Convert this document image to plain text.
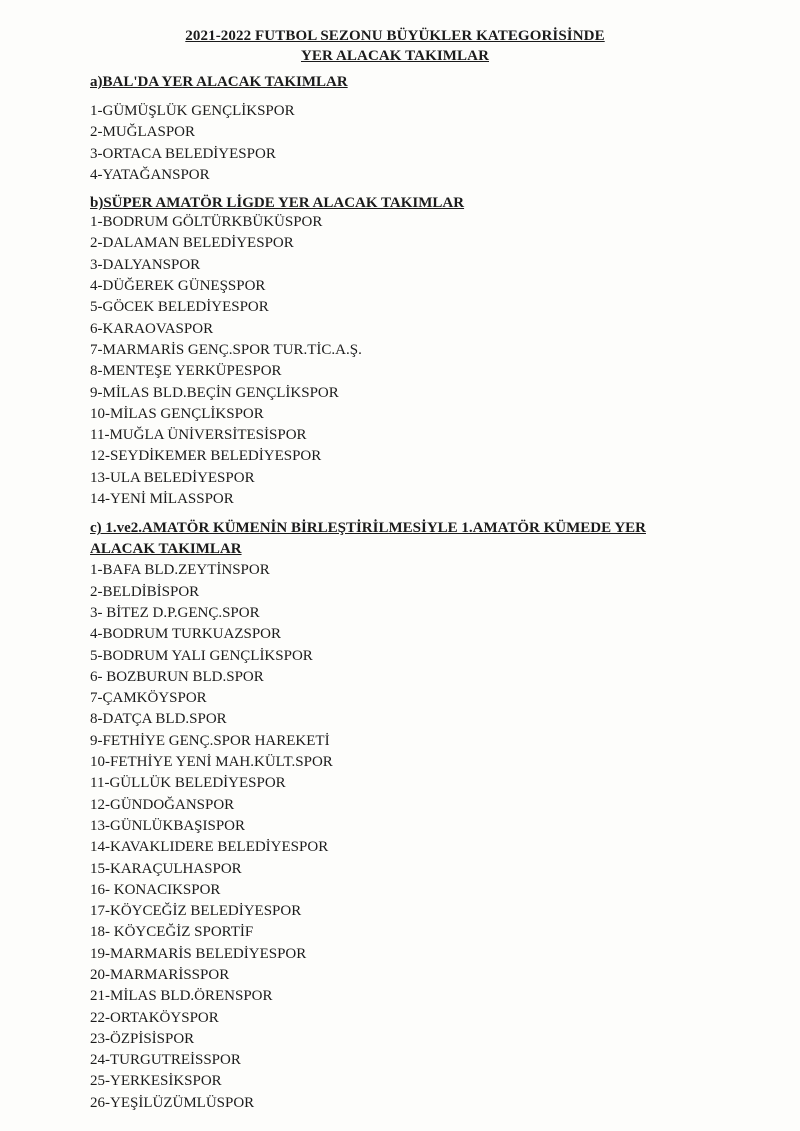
2021-2022 FUTBOL SEZONU BÜYÜKLER KATEGORİSİNDE
YER ALACAK TAKIMLAR
a)BAL'DA YER ALACAK TAKIMLAR
1-GÜMÜŞLÜK GENÇLİKSPOR
2-MUĞLASPOR
3-ORTACA BELEDİYESPOR
4-YATAĞANSPOR
b)SÜPER AMATÖR LİGDE YER ALACAK TAKIMLAR
1-BODRUM GÖLTÜRKBÜKÜSPOR
2-DALAMAN BELEDİYESPOR
3-DALYANSPOR
4-DÜĞEREK GÜNEŞSPOR
5-GÖCEK BELEDİYESPOR
6-KARAOVASPOR
7-MARMARİS GENÇ.SPOR TUR.TİC.A.Ş.
8-MENTEŞE YERKÜPESPOR
9-MİLAS BLD.BEÇİN GENÇLİKSPOR
10-MİLAS GENÇLİKSPOR
11-MUĞLA ÜNİVERSİTESİSPOR
12-SEYDİKEMER BELEDİYESPOR
13-ULA BELEDİYESPOR
14-YENİ MİLASSPOR
c) 1.ve2.AMATÖR KÜMENİN BİRLEŞTİRİLMESİYLE 1.AMATÖR KÜMEDE YER ALACAK TAKIMLAR
1-BAFA BLD.ZEYTİNSPOR
2-BELDİBİSPOR
3- BİTEZ D.P.GENÇ.SPOR
4-BODRUM TURKUAZSPOR
5-BODRUM YALI GENÇLİKSPOR
6- BOZBURUN BLD.SPOR
7-ÇAMKÖYSPOR
8-DATÇA BLD.SPOR
9-FETHİYE GENÇ.SPOR HAREKETİ
10-FETHİYE YENİ MAH.KÜLT.SPOR
11-GÜLLÜK BELEDİYESPOR
12-GÜNDOĞANSPOR
13-GÜNLÜKBAŞISPOR
14-KAVAKLIDERE BELEDİYESPOR
15-KARAÇULHASPOR
16- KONACIKSPOR
17-KÖYCEĞİZ BELEDİYESPOR
18- KÖYCEĞİZ SPORTİF
19-MARMARİS BELEDİYESPOR
20-MARMARİSSPOR
21-MİLAS BLD.ÖRENSPOR
22-ORTAKÖYSPOR
23-ÖZPİSİSPOR
24-TURGUTREİSSPOR
25-YERKESİKSPOR
26-YEŞİLÜZÜMLÜSPOR
